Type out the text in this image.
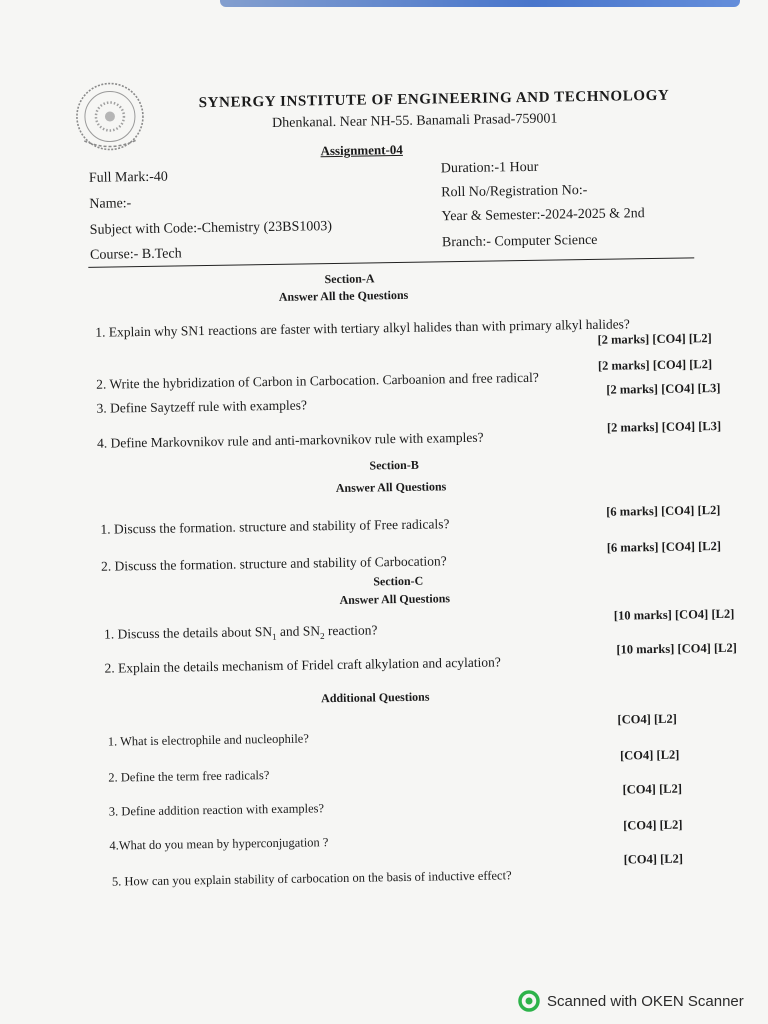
SYNERGY INSTITUTE OF ENGINEERING AND TECHNOLOGY
Dhenkanal. Near NH-55. Banamali Prasad-759001
Assignment-04
Full Mark:-40
Duration:-1 Hour
Name:-
Roll No/Registration No:-
Subject with Code:-Chemistry (23BS1003)
Year & Semester:-2024-2025 & 2nd
Course:- B.Tech
Branch:- Computer Science
Section-A
Answer All the Questions
1. Explain why SN1 reactions are faster with tertiary alkyl halides than with primary alkyl halides?
[2 marks] [CO4] [L2]
2. Write the hybridization of Carbon in Carbocation. Carboanion and free radical?
[2 marks] [CO4] [L2]
3. Define Saytzeff rule with examples?
[2 marks] [CO4] [L3]
4. Define Markovnikov rule and anti-markovnikov rule with examples?
[2 marks] [CO4] [L3]
Section-B
Answer All Questions
1. Discuss the formation. structure and stability of Free radicals?
[6 marks] [CO4] [L2]
2. Discuss the formation. structure and stability of Carbocation?
[6 marks] [CO4] [L2]
Section-C
Answer All Questions
1. Discuss the details about $SN_1$ and $SN_2$ reaction?
[10 marks] [CO4] [L2]
2. Explain the details mechanism of Fridel craft alkylation and acylation?
[10 marks] [CO4] [L2]
Additional Questions
1. What is electrophile and nucleophile?
[CO4] [L2]
2. Define the term free radicals?
[CO4] [L2]
3. Define addition reaction with examples?
[CO4] [L2]
4.What do you mean by hyperconjugation ?
[CO4] [L2]
5. How can you explain stability of carbocation on the basis of inductive effect?
[CO4] [L2]
Scanned with OKEN Scanner
